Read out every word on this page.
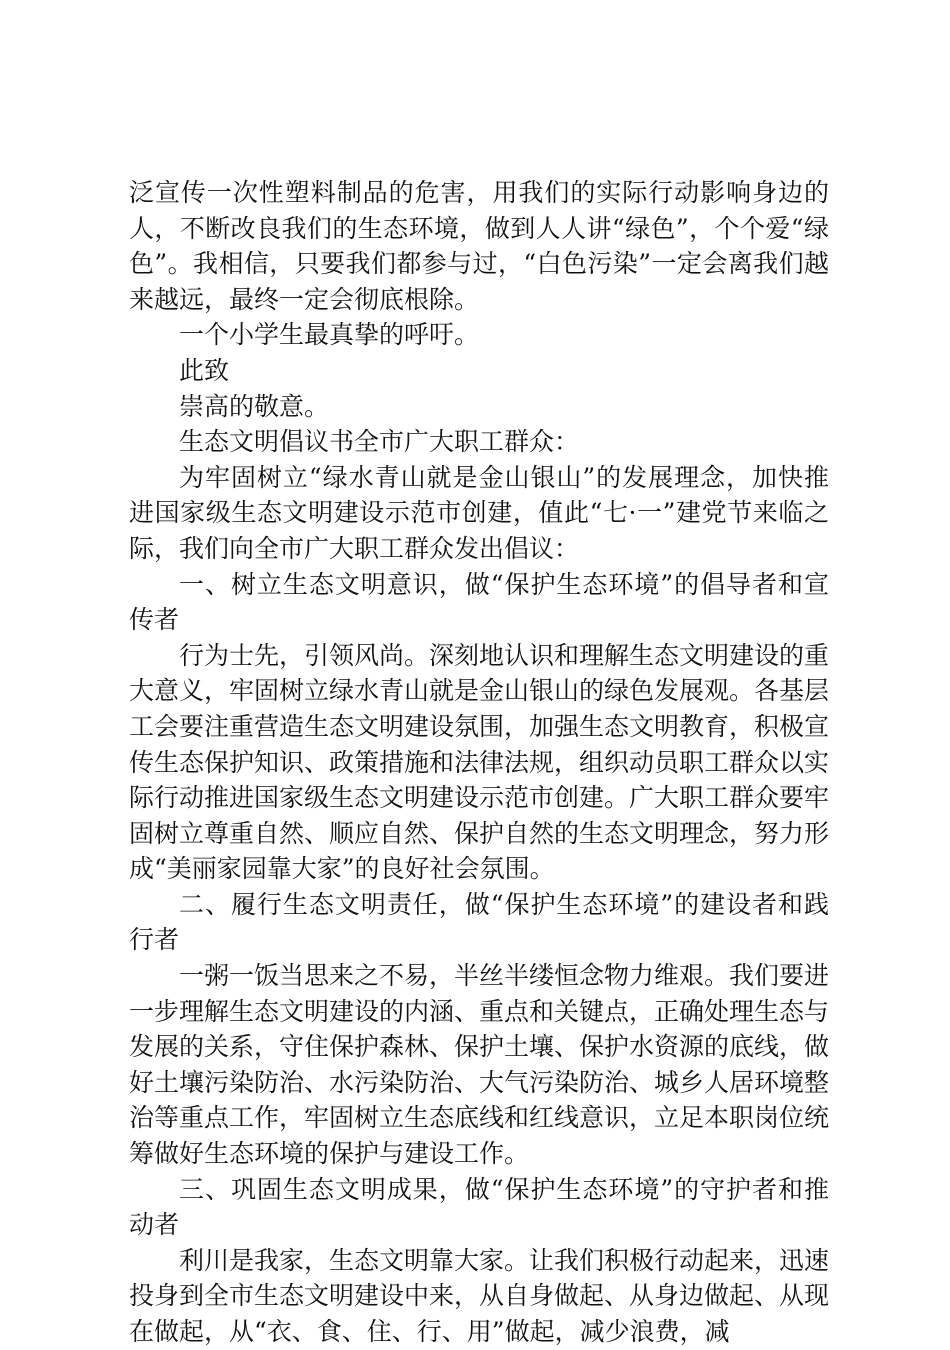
泛宣传一次性塑料制品的危害，用我们的实际行动影响身边的人，不断改良我们的生态环境，做到人人讲“绿色”，个个爱“绿色”。我相信，只要我们都参与过，“白色污染”一定会离我们越来越远，最终一定会彻底根除。

一个小学生最真挚的呼吁。

此致

崇高的敬意。

生态文明倡议书全市广大职工群众：

为牢固树立“绿水青山就是金山银山”的发展理念，加快推进国家级生态文明建设示范市创建，值此“七·一”建党节来临之际，我们向全市广大职工群众发出倡议：

一、树立生态文明意识，做“保护生态环境”的倡导者和宣传者

行为士先，引领风尚。深刻地认识和理解生态文明建设的重大意义，牢固树立绿水青山就是金山银山的绿色发展观。各基层工会要注重营造生态文明建设氛围，加强生态文明教育，积极宣传生态保护知识、政策措施和法律法规，组织动员职工群众以实际行动推进国家级生态文明建设示范市创建。广大职工群众要牢固树立尊重自然、顺应自然、保护自然的生态文明理念，努力形成“美丽家园靠大家”的良好社会氛围。

二、履行生态文明责任，做“保护生态环境”的建设者和践行者

一粥一饭当思来之不易，半丝半缕恒念物力维艰。我们要进一步理解生态文明建设的内涵、重点和关键点，正确处理生态与发展的关系，守住保护森林、保护土壤、保护水资源的底线，做好土壤污染防治、水污染防治、大气污染防治、城乡人居环境整治等重点工作，牢固树立生态底线和红线意识，立足本职岗位统筹做好生态环境的保护与建设工作。

三、巩固生态文明成果，做“保护生态环境”的守护者和推动者

利川是我家，生态文明靠大家。让我们积极行动起来，迅速投身到全市生态文明建设中来，从自身做起、从身边做起、从现在做起，从“衣、食、住、行、用”做起，减少浪费，减
